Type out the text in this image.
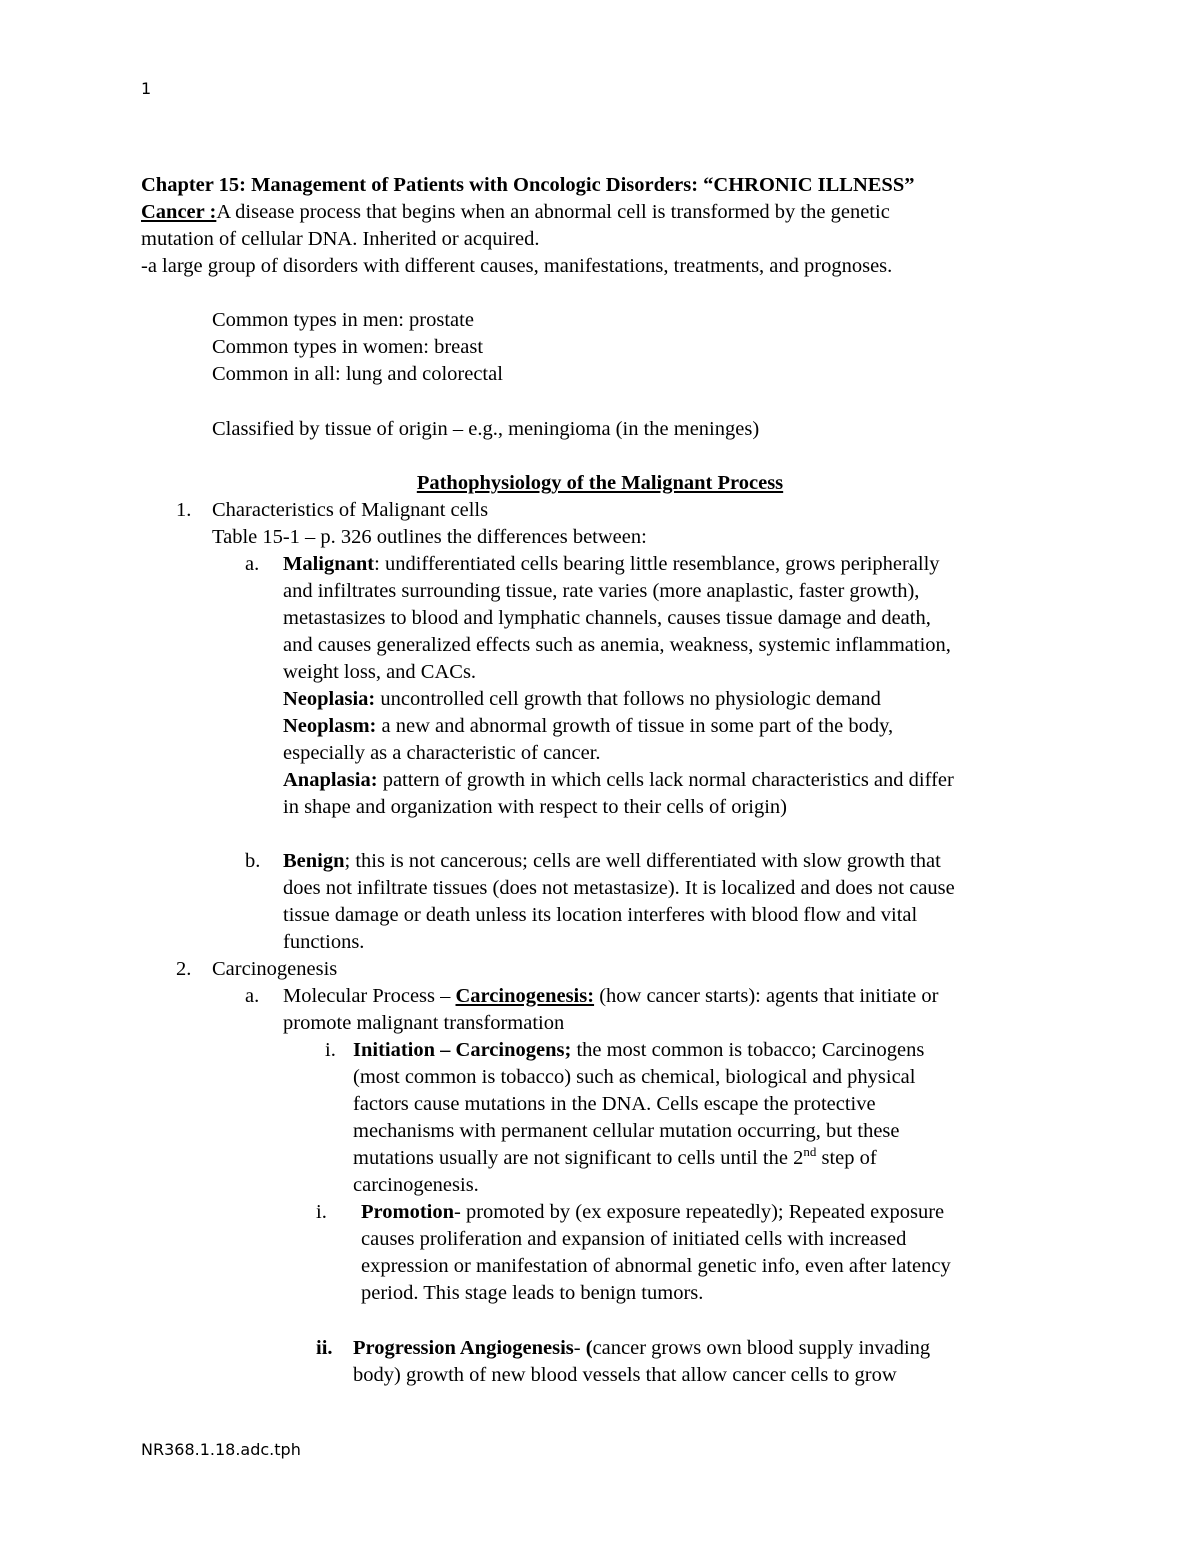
1
Chapter 15: Management of Patients with Oncologic Disorders: “CHRONIC ILLNESS”
Cancer :A disease process that begins when an abnormal cell is transformed by the genetic
mutation of cellular DNA. Inherited or acquired.
-a large group of disorders with different causes, manifestations, treatments, and prognoses.
Common types in men: prostate
Common types in women: breast
Common in all: lung and colorectal
Classified by tissue of origin – e.g., meningioma (in the meninges)
Pathophysiology of the Malignant Process
1. Characteristics of Malignant cells
Table 15-1 – p. 326 outlines the differences between:
a. Malignant: undifferentiated cells bearing little resemblance, grows peripherally
and infiltrates surrounding tissue, rate varies (more anaplastic, faster growth),
metastasizes to blood and lymphatic channels, causes tissue damage and death,
and causes generalized effects such as anemia, weakness, systemic inflammation,
weight loss, and CACs.
Neoplasia: uncontrolled cell growth that follows no physiologic demand
Neoplasm: a new and abnormal growth of tissue in some part of the body,
especially as a characteristic of cancer.
Anaplasia: pattern of growth in which cells lack normal characteristics and differ
in shape and organization with respect to their cells of origin)
b. Benign; this is not cancerous; cells are well differentiated with slow growth that
does not infiltrate tissues (does not metastasize). It is localized and does not cause
tissue damage or death unless its location interferes with blood flow and vital
functions.
2. Carcinogenesis
a. Molecular Process – Carcinogenesis: (how cancer starts): agents that initiate or
promote malignant transformation
i. Initiation – Carcinogens; the most common is tobacco; Carcinogens
(most common is tobacco) such as chemical, biological and physical
factors cause mutations in the DNA. Cells escape the protective
mechanisms with permanent cellular mutation occurring, but these
mutations usually are not significant to cells until the 2nd step of
carcinogenesis.
i. Promotion- promoted by (ex exposure repeatedly); Repeated exposure
causes proliferation and expansion of initiated cells with increased
expression or manifestation of abnormal genetic info, even after latency
period. This stage leads to benign tumors.
ii. Progression Angiogenesis- (cancer grows own blood supply invading
body) growth of new blood vessels that allow cancer cells to grow
NR368.1.18.adc.tph
